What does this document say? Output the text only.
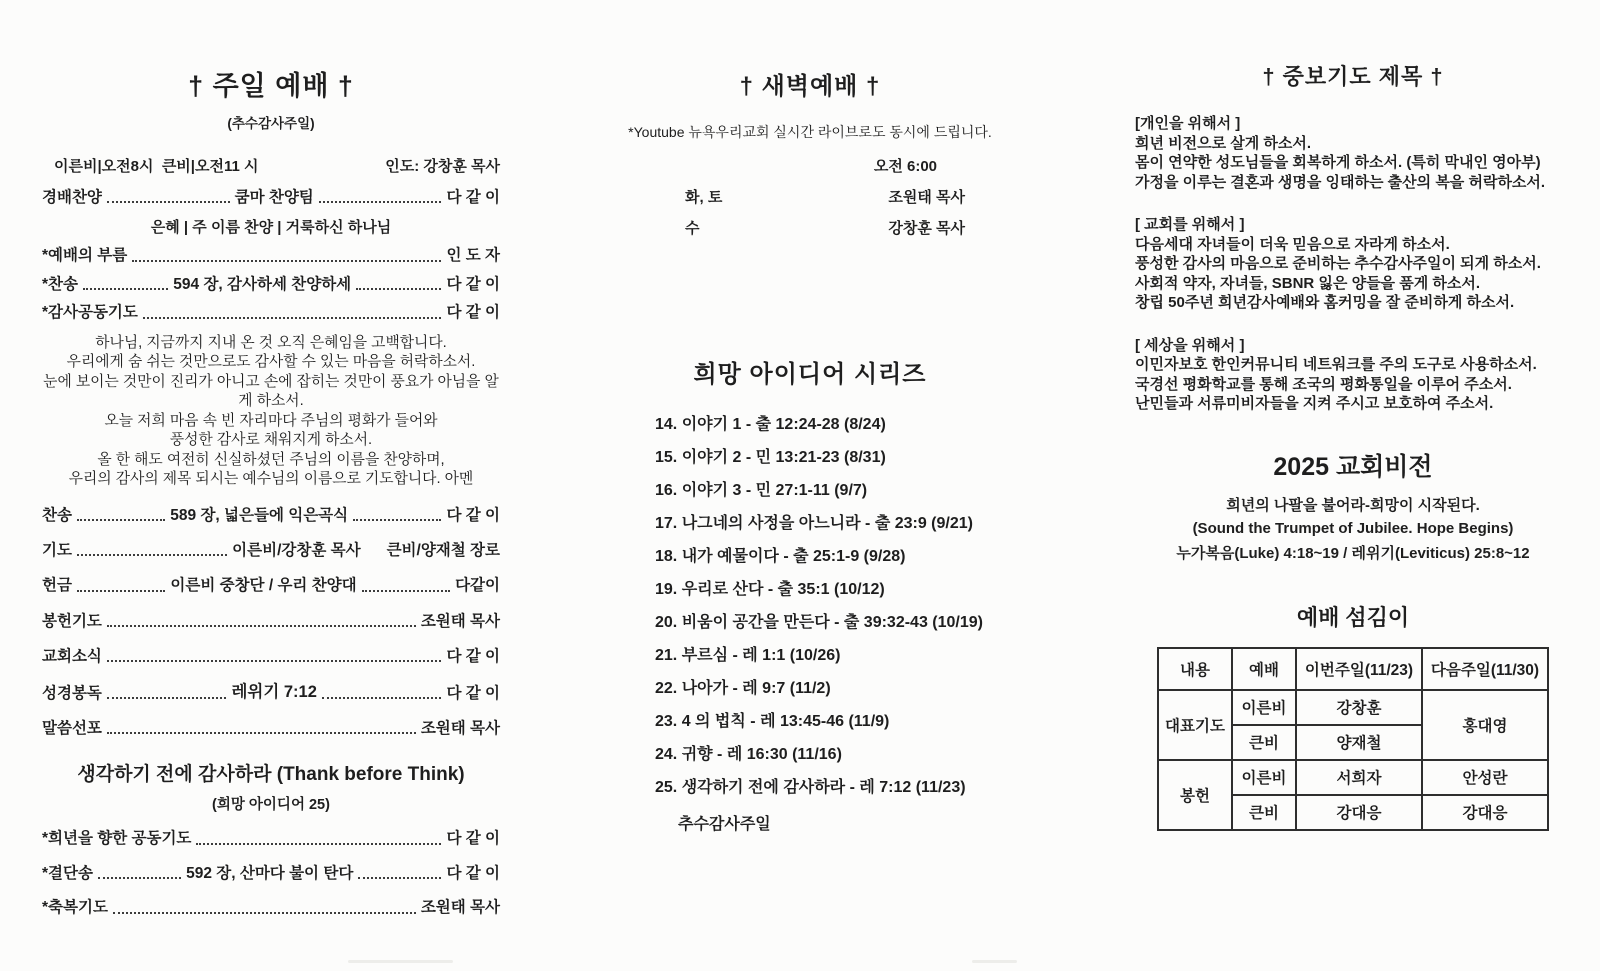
† 주일 예배 †
(추수감사주일)
이른비|오전8시  큰비|오전11 시	인도: 강창훈 목사
경배찬양	쿰마 찬양팀	다 같 이
은혜 | 주 이름 찬양 | 거룩하신 하나님
*예배의 부름	인 도 자
*찬송	594 장, 감사하세 찬양하세	다 같 이
*감사공동기도	다 같 이
하나님, 지금까지 지내 온 것 오직 은혜임을 고백합니다.
우리에게 숨 쉬는 것만으로도 감사할 수 있는 마음을 허락하소서.
눈에 보이는 것만이 진리가 아니고 손에 잡히는 것만이 풍요가 아님을 알게 하소서.
오늘 저희 마음 속 빈 자리마다 주님의 평화가 들어와
풍성한 감사로 채워지게 하소서.
올 한 해도 여전히 신실하셨던 주님의 이름을 찬양하며,
우리의 감사의 제목 되시는 예수님의 이름으로 기도합니다. 아멘
찬송	589 장, 넓은들에 익은곡식	다 같 이
기도	이른비/강창훈 목사 큰비/양재철 장로
헌금	이른비 중창단 / 우리 찬양대	다같이
봉헌기도	조원태 목사
교회소식	다 같 이
성경봉독	레위기 7:12	다 같 이
말씀선포	조원태 목사
생각하기 전에 감사하라 (Thank before Think)
(희망 아이디어 25)
*희년을 향한 공동기도	다 같 이
*결단송	592 장, 산마다 불이 탄다	다 같 이
*축복기도	조원태 목사
† 새벽예배 †
*Youtube 뉴욕우리교회 실시간 라이브로도 동시에 드립니다.
오전 6:00
화, 토	조원태 목사
수	강창훈 목사
희망 아이디어 시리즈
14. 이야기 1 - 출 12:24-28 (8/24)
15. 이야기 2 - 민 13:21-23 (8/31)
16. 이야기 3 - 민 27:1-11 (9/7)
17. 나그네의 사정을 아느니라 - 출 23:9 (9/21)
18. 내가 예물이다 - 출 25:1-9 (9/28)
19. 우리로 산다 - 출 35:1 (10/12)
20. 비움이 공간을 만든다 - 출 39:32-43 (10/19)
21. 부르심 - 레 1:1 (10/26)
22. 나아가 - 레 9:7 (11/2)
23. 4 의 법칙 - 레 13:45-46 (11/9)
24. 귀향 - 레 16:30 (11/16)
25. 생각하기 전에 감사하라 - 레 7:12 (11/23)
추수감사주일
† 중보기도 제목 †
[개인을 위해서 ]
희년 비전으로 살게 하소서.
몸이 연약한 성도님들을 회복하게 하소서. (특히 막내인 영아부)
가정을 이루는 결혼과 생명을 잉태하는 출산의 복을 허락하소서.
[ 교회를 위해서 ]
다음세대 자녀들이 더욱 믿음으로 자라게 하소서.
풍성한 감사의 마음으로 준비하는 추수감사주일이 되게 하소서.
사회적 약자, 자녀들, SBNR 잃은 양들을 품게 하소서.
창립 50주년 희년감사예배와 홈커밍을 잘 준비하게 하소서.
[ 세상을 위해서 ]
이민자보호 한인커뮤니티 네트워크를 주의 도구로 사용하소서.
국경선 평화학교를 통해 조국의 평화통일을 이루어 주소서.
난민들과 서류미비자들을 지켜 주시고 보호하여 주소서.
2025 교회비전
희년의 나팔을 불어라-희망이 시작된다.
(Sound the Trumpet of Jubilee. Hope Begins)
누가복음(Luke) 4:18~19 / 레위기(Leviticus) 25:8~12
예배 섬김이
내용	예배	이번주일(11/23)	다음주일(11/30)
대표기도	이른비	강창훈	홍대영
	큰비	양재철	
봉헌	이른비	서희자	안성란
	큰비	강대응	강대응
